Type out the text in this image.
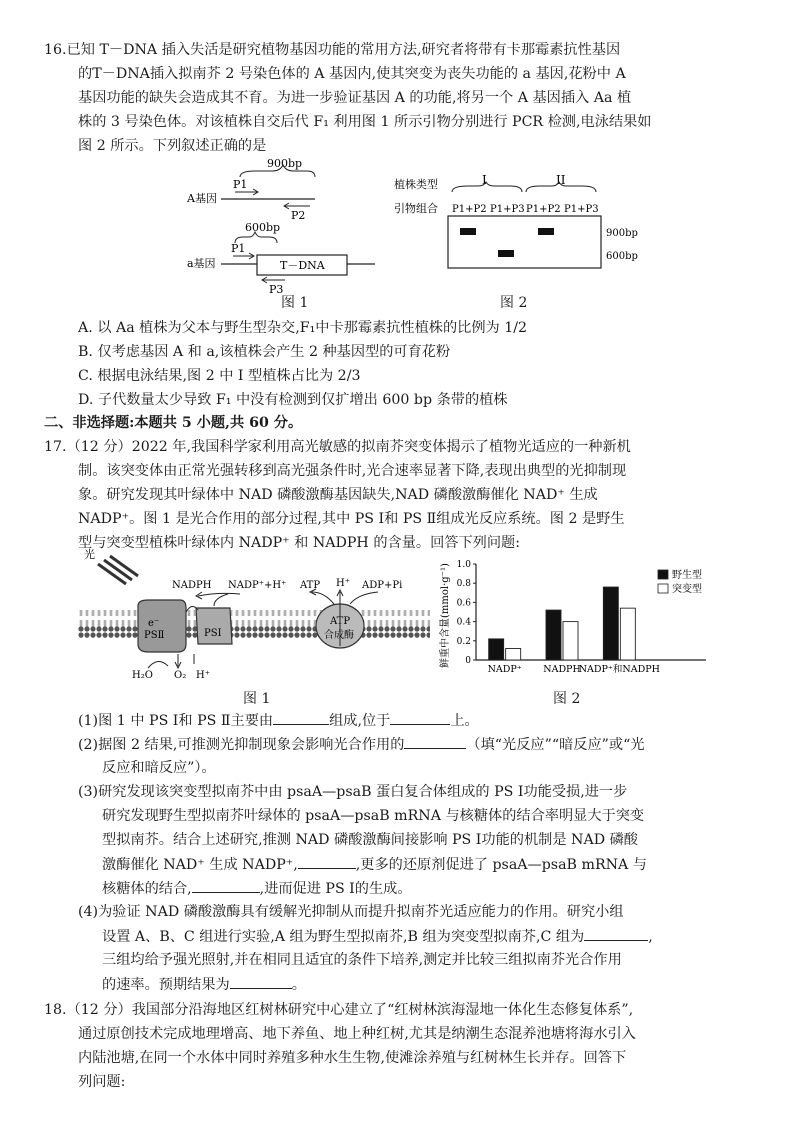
16.已知 T－DNA 插入失活是研究植物基因功能的常用方法,研究者将带有卡那霉素抗性基因
的T－DNA插入拟南芥 2 号染色体的 A 基因内,使其突变为丧失功能的 a 基因,花粉中 A
基因功能的缺失会造成其不育。为进一步验证基因 A 的功能,将另一个 A 基因插入 Aa 植
株的 3 号染色体。对该植株自交后代 F₁ 利用图 1 所示引物分别进行 PCR 检测,电泳结果如
图 2 所示。下列叙述正确的是
900bp
P1
A基因
P2
600bp
P1
a基因	T－DNA
P3
图 1
植株类型	I	II
引物组合 P1+P2 P1+P3 P1+P2 P1+P3
900bp
600bp
图 2
A. 以 Aa 植株为父本与野生型杂交,F₁中卡那霉素抗性植株的比例为 1/2
B. 仅考虑基因 A 和 a,该植株会产生 2 种基因型的可育花粉
C. 根据电泳结果,图 2 中 I 型植株占比为 2/3
D. 子代数量太少导致 F₁ 中没有检测到仅扩增出 600 bp 条带的植株
二、非选择题:本题共 5 小题,共 60 分。
17.（12 分）2022 年,我国科学家利用高光敏感的拟南芥突变体揭示了植物光适应的一种新机
制。该突变体由正常光强转移到高光强条件时,光合速率显著下降,表现出典型的光抑制现
象。研究发现其叶绿体中 NAD 磷酸激酶基因缺失,NAD 磷酸激酶催化 NAD⁺ 生成
NADP⁺。图 1 是光合作用的部分过程,其中 PS Ⅰ和 PS Ⅱ组成光反应系统。图 2 是野生
型与突变型植株叶绿体内 NADP⁺ 和 NADPH 的含量。回答下列问题:
光
e⁻
PSⅡ	PSⅠ
ATP
合成酶
NADPH NADP⁺+H⁺ ATP H⁺ ADP+Pi
H₂O O₂ H⁺
图 1
鲜重中含量(mmol·g⁻¹) 0
0.2
0.4
0.6
0.8
1.0
NADP⁺ NADPH
NADP⁺和NADPH
野生型
突变型
图 2
(1)图 1 中 PS Ⅰ和 PS Ⅱ主要由	组成,位于	上。
(2)据图 2 结果,可推测光抑制现象会影响光合作用的	（填“光反应”“暗反应”或“光
反应和暗反应”）。
(3)研究发现该突变型拟南芥中由 psaA—psaB 蛋白复合体组成的 PS Ⅰ功能受损,进一步
研究发现野生型拟南芥叶绿体的 psaA—psaB mRNA 与核糖体的结合率明显大于突变
型拟南芥。结合上述研究,推测 NAD 磷酸激酶间接影响 PS Ⅰ功能的机制是 NAD 磷酸
激酶催化 NAD⁺ 生成 NADP⁺,	,更多的还原剂促进了 psaA—psaB mRNA 与
核糖体的结合,	,进而促进 PS Ⅰ的生成。
(4)为验证 NAD 磷酸激酶具有缓解光抑制从而提升拟南芥光适应能力的作用。研究小组
设置 A、B、C 组进行实验,A 组为野生型拟南芥,B 组为突变型拟南芥,C 组为	,
三组均给予强光照射,并在相同且适宜的条件下培养,测定并比较三组拟南芥光合作用
的速率。预期结果为	。
18.（12 分）我国部分沿海地区红树林研究中心建立了“红树林滨海湿地一体化生态修复体系”,
通过原创技术完成地理增高、地下养鱼、地上种红树,尤其是纳潮生态混养池塘将海水引入
内陆池塘,在同一个水体中同时养殖多种水生生物,使滩涂养殖与红树林生长并存。回答下
列问题:
